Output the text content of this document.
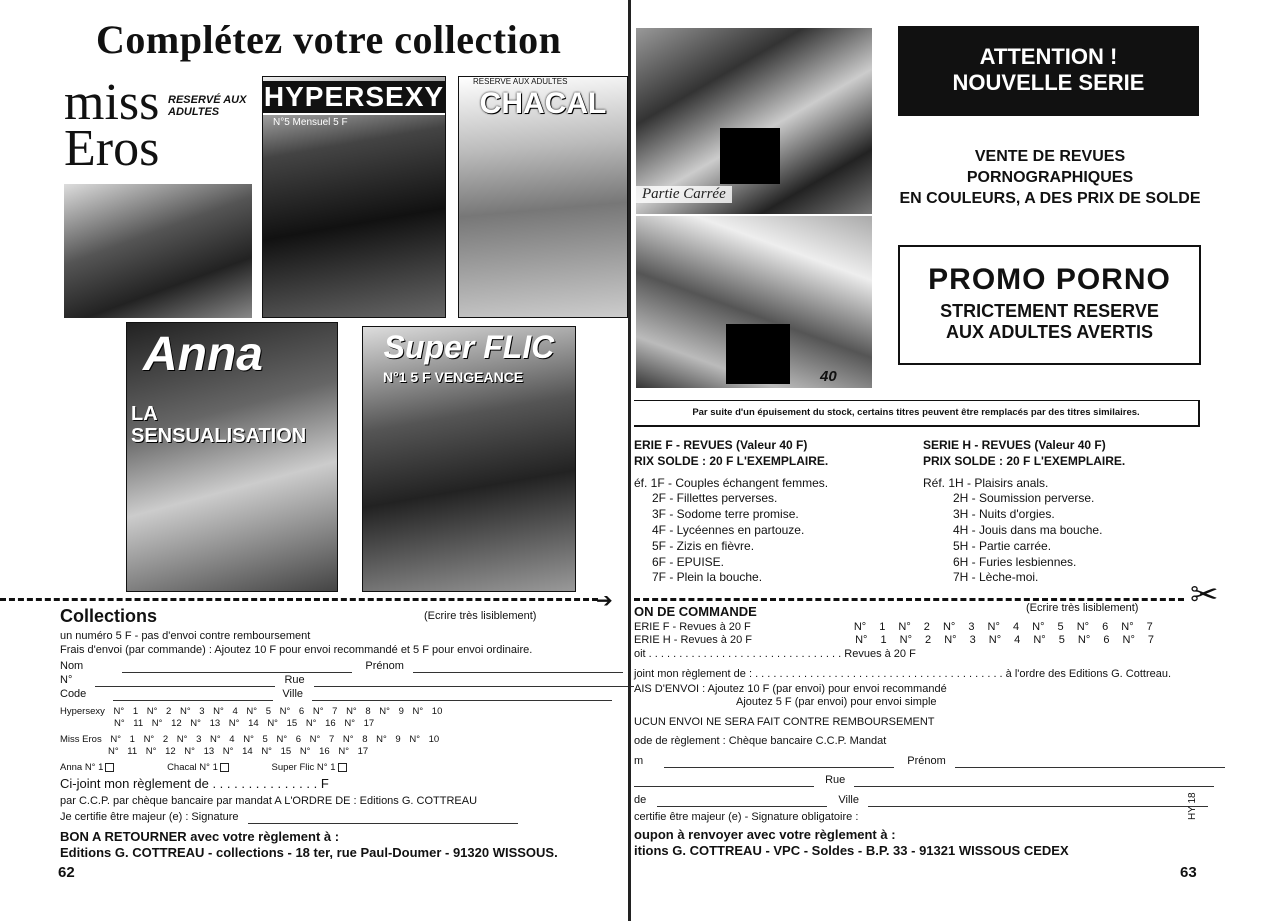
Complétez votre collection
miss Eros
RESERVÉ AUX ADULTES	HYPERSEXY
N°5 Mensuel 5 F
RESERVE AUX ADULTES
CHACAL
Anna
LA SENSUALISATION
Super FLIC
N°1 5 F VENGEANCE
➔
Collections	(Ecrire très lisiblement)
un numéro 5 F - pas d'envoi contre remboursement
Frais d'envoi (par commande) : Ajoutez 10 F pour envoi recommandé et 5 F pour envoi ordinaire.
Nom	Prénom
N°	Rue
Code	Ville
Hypersexy N° 1 N° 2 N° 3 N° 4 N° 5 N° 6 N° 7 N° 8 N° 9 N° 10
N° 11 N° 12 N° 13 N° 14 N° 15 N° 16 N° 17
Miss Eros N° 1 N° 2 N° 3 N° 4 N° 5 N° 6 N° 7 N° 8 N° 9 N° 10
N° 11 N° 12 N° 13 N° 14 N° 15 N° 16 N° 17
Anna N° 1	Chacal N° 1	Super Flic N° 1
Ci-joint mon règlement de . . . . . . . . . . . . . . . F
par C.C.P. par chèque bancaire par mandat A L'ORDRE DE : Editions G. COTTREAU
Je certifie être majeur (e) : Signature
BON A RETOURNER avec votre règlement à :
Editions G. COTTREAU - collections - 18 ter, rue Paul-Doumer - 91320 WISSOUS.
62
Partie Carrée
40
ATTENTION !
NOUVELLE SERIE
VENTE DE REVUES
PORNOGRAPHIQUES
EN COULEURS, A DES PRIX DE SOLDE
PROMO PORNO
STRICTEMENT RESERVE
AUX ADULTES AVERTIS
Par suite d'un épuisement du stock, certains titres peuvent être remplacés par des titres similaires.
ERIE F - REVUES (Valeur 40 F)
RIX SOLDE : 20 F L'EXEMPLAIRE.
éf. 1F - Couples échangent femmes.
2F - Fillettes perverses.
3F - Sodome terre promise.
4F - Lycéennes en partouze.
5F - Zizis en fièvre.
6F - EPUISE.
7F - Plein la bouche.
SERIE H - REVUES (Valeur 40 F)
PRIX SOLDE : 20 F L'EXEMPLAIRE.
Réf. 1H - Plaisirs anals.
2H - Soumission perverse.
3H - Nuits d'orgies.
4H - Jouis dans ma bouche.
5H - Partie carrée.
6H - Furies lesbiennes.
7H - Lèche-moi.	✂
ON DE COMMANDE	(Ecrire très lisiblement)
ERIE F - Revues à 20 F	N° 1 N° 2 N° 3 N° 4 N° 5 N° 6 N° 7
ERIE H - Revues à 20 F	N° 1 N° 2 N° 3 N° 4 N° 5 N° 6 N° 7
oit . . . . . . . . . . . . . . . . . . . . . . . . . . . . . . . . Revues à 20 F
joint mon règlement de : . . . . . . . . . . . . . . . . . . . . . . . . . . . . . . . . . . . . . . . . . à l'ordre des Editions G. Cottreau.
AIS D'ENVOI : Ajoutez 10 F (par envoi) pour envoi recommandé
Ajoutez 5 F (par envoi) pour envoi simple
UCUN ENVOI NE SERA FAIT CONTRE REMBOURSEMENT
ode de règlement : Chèque bancaire C.C.P. Mandat
m	Prénom
Rue
de	Ville
certifie être majeur (e) - Signature obligatoire :
oupon à renvoyer avec votre règlement à :
itions G. COTTREAU - VPC - Soldes - B.P. 33 - 91321 WISSOUS CEDEX
HY 18
63
